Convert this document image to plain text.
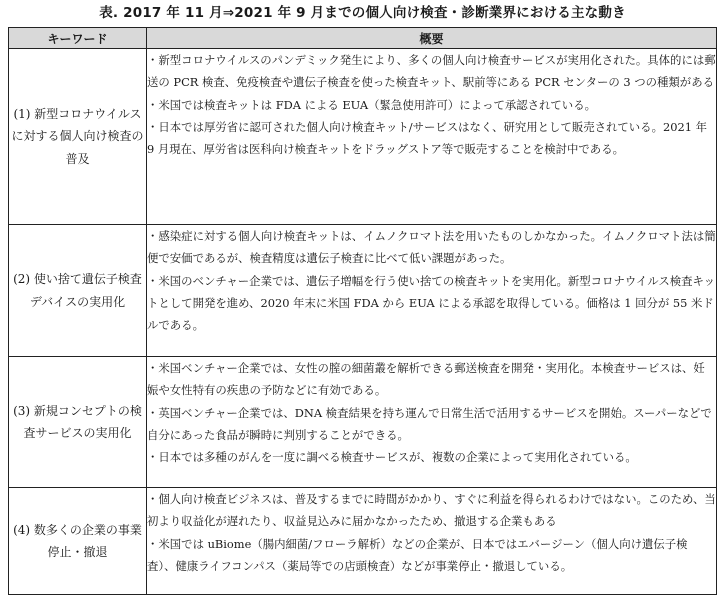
表. 2017 年 11 月⇒2021 年 9 月までの個人向け検査・診断業界における主な動き
キーワード	概要
(1) 新型コロナウイルスに対する個人向け検査の普及	・新型コロナウイルスのパンデミック発生により、多くの個人向け検査サービスが実用化された。具体的には郵送の PCR 検査、免疫検査や遺伝子検査を使った検査キット、駅前等にある PCR センターの 3 つの種類がある

・米国では検査キットは FDA による EUA（緊急使用許可）によって承認されている。

・日本では厚労省に認可された個人向け検査キット/サービスはなく、研究用として販売されている。2021 年 9 月現在、厚労省は医科向け検査キットをドラッグストア等で販売することを検討中である。

(2) 使い捨て遺伝子検査デバイスの実用化	・感染症に対する個人向け検査キットは、イムノクロマト法を用いたものしかなかった。イムノクロマト法は簡便で安価であるが、検査精度は遺伝子検査に比べて低い課題があった。

・米国のベンチャー企業では、遺伝子増幅を行う使い捨ての検査キットを実用化。新型コロナウイルス検査キットとして開発を進め、2020 年末に米国 FDA から EUA による承認を取得している。価格は 1 回分が 55 米ドルである。

(3) 新規コンセプトの検査サービスの実用化	・米国ベンチャー企業では、女性の膣の細菌叢を解析できる郵送検査を開発・実用化。本検査サービスは、妊娠や女性特有の疾患の予防などに有効である。

・英国ベンチャー企業では、DNA 検査結果を持ち運んで日常生活で活用するサービスを開始。スーパーなどで自分にあった食品が瞬時に判別することができる。

・日本では多種のがんを一度に調べる検査サービスが、複数の企業によって実用化されている。

(4) 数多くの企業の事業停止・撤退	・個人向け検査ビジネスは、普及するまでに時間がかかり、すぐに利益を得られるわけではない。このため、当初より収益化が遅れたり、収益見込みに届かなかったため、撤退する企業もある

・米国では uBiome（腸内細菌/フローラ解析）などの企業が、日本ではエバージーン（個人向け遺伝子検査）、健康ライフコンパス（薬局等での店頭検査）などが事業停止・撤退している。
